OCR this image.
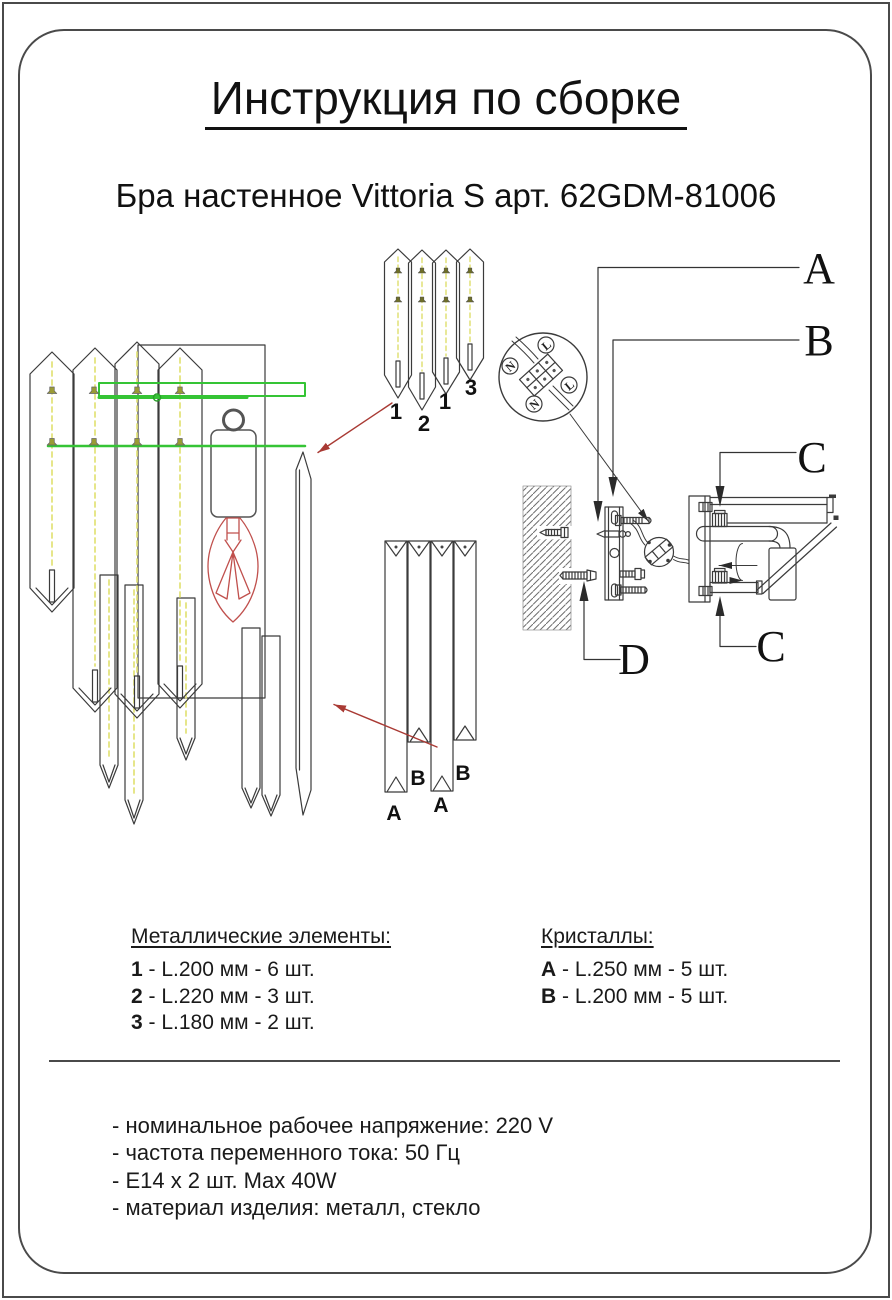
Инструкция по сборке
Бра настенное Vittoria S арт. 62GDM-81006
1 2
1
3
A
B
A
B
L
N
L
N
A
B
C
C
D
Металлические элементы:
1 - L.200 мм - 6 шт.
2 - L.220 мм - 3 шт.
3 - L.180 мм - 2 шт.
Кристаллы:
A - L.250 мм - 5 шт.
B - L.200 мм - 5 шт.
- номинальное рабочее напряжение: 220 V
- частота переменного тока: 50 Гц
- E14 x 2 шт. Max 40W
- материал изделия: металл, стекло
